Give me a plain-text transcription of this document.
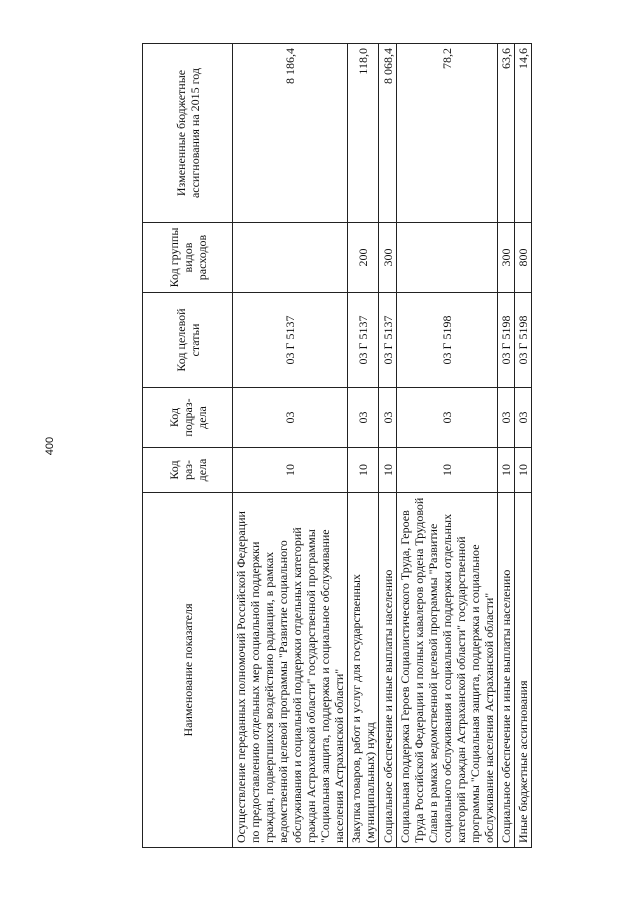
400
Наименование показателя	Код раз-дела	Код подраз-дела	Код целевой статьи	Код группы видов расходов	Измененные бюджетные ассигнования на 2015 год
Осуществление переданных полномочий Российской Федерации по предоставлению отдельных мер социальной поддержки граждан, подвергшихся воздействию радиации, в рамках ведомственной целевой программы "Развитие социального обслуживания и социальной поддержки отдельных категорий граждан Астраханской области" государственной программы "Социальная защита, поддержка и социальное обслуживание населения Астраханской области"	10	03	03 Г 5137		8 186,4
Закупка товаров, работ и услуг для государственных (муниципальных) нужд	10	03	03 Г 5137	200	118,0
Социальное обеспечение и иные выплаты населению	10	03	03 Г 5137	300	8 068,4
Социальная поддержка Героев Социалистического Труда, Героев Труда Российской Федерации и полных кавалеров ордена Трудовой Славы в рамках ведомственной целевой программы "Развитие социального обслуживания и социальной поддержки отдельных категорий граждан Астраханской области" государственной программы "Социальная защита, поддержка и социальное обслуживание населения Астраханской области"	10	03	03 Г 5198		78,2
Социальное обеспечение и иные выплаты населению	10	03	03 Г 5198	300	63,6
Иные бюджетные ассигнования	10	03	03 Г 5198	800	14,6
